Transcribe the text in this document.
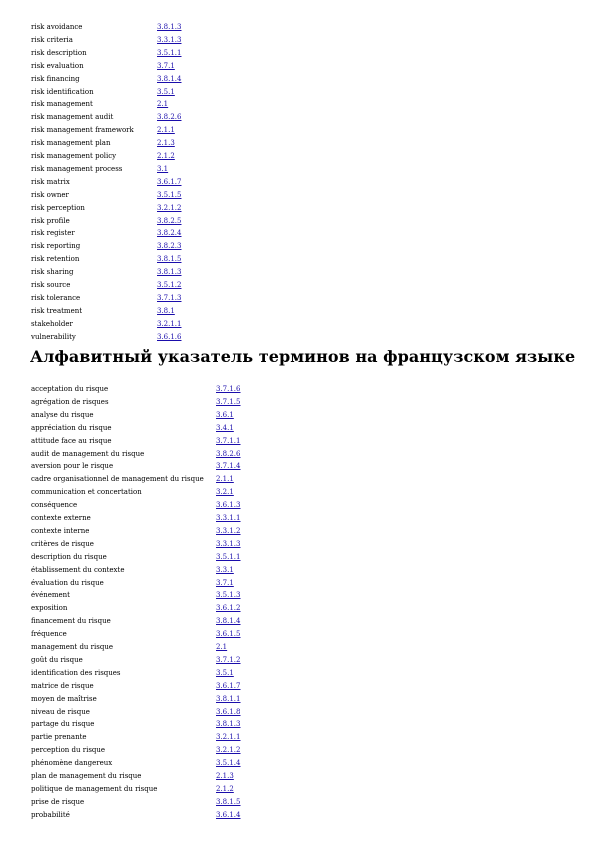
risk avoidance	3.8.1.3
risk criteria	3.3.1.3
risk description	3.5.1.1
risk evaluation	3.7.1
risk financing	3.8.1.4
risk identification	3.5.1
risk management	2.1
risk management audit	3.8.2.6
risk management framework	2.1.1
risk management plan	2.1.3
risk management policy	2.1.2
risk management process	3.1
risk matrix	3.6.1.7
risk owner	3.5.1.5
risk perception	3.2.1.2
risk profile	3.8.2.5
risk register	3.8.2.4
risk reporting	3.8.2.3
risk retention	3.8.1.5
risk sharing	3.8.1.3
risk source	3.5.1.2
risk tolerance	3.7.1.3
risk treatment	3.8.1
stakeholder	3.2.1.1
vulnerability	3.6.1.6
Алфавитный указатель терминов на французском языке
acceptation du risque	3.7.1.6
agrégation de risques	3.7.1.5
analyse du risque	3.6.1
appréciation du risque	3.4.1
attitude face au risque	3.7.1.1
audit de management du risque	3.8.2.6
aversion pour le risque	3.7.1.4
cadre organisationnel de management du risque 2.1.1
communication et concertation	3.2.1
conséquence	3.6.1.3
contexte externe	3.3.1.1
contexte interne	3.3.1.2
critères de risque	3.3.1.3
description du risque	3.5.1.1
établissement du contexte	3.3.1
évaluation du risque	3.7.1
événement	3.5.1.3
exposition	3.6.1.2
financement du risque	3.8.1.4
fréquence	3.6.1.5
management du risque	2.1
goût du risque	3.7.1.2
identification des risques	3.5.1
matrice de risque	3.6.1.7
moyen de maîtrise	3.8.1.1
niveau de risque	3.6.1.8
partage du risque	3.8.1.3
partie prenante	3.2.1.1
perception du risque	3.2.1.2
phénomène dangereux	3.5.1.4
plan de management du risque	2.1.3
politique de management du risque	2.1.2
prise de risque	3.8.1.5
probabilité	3.6.1.4
